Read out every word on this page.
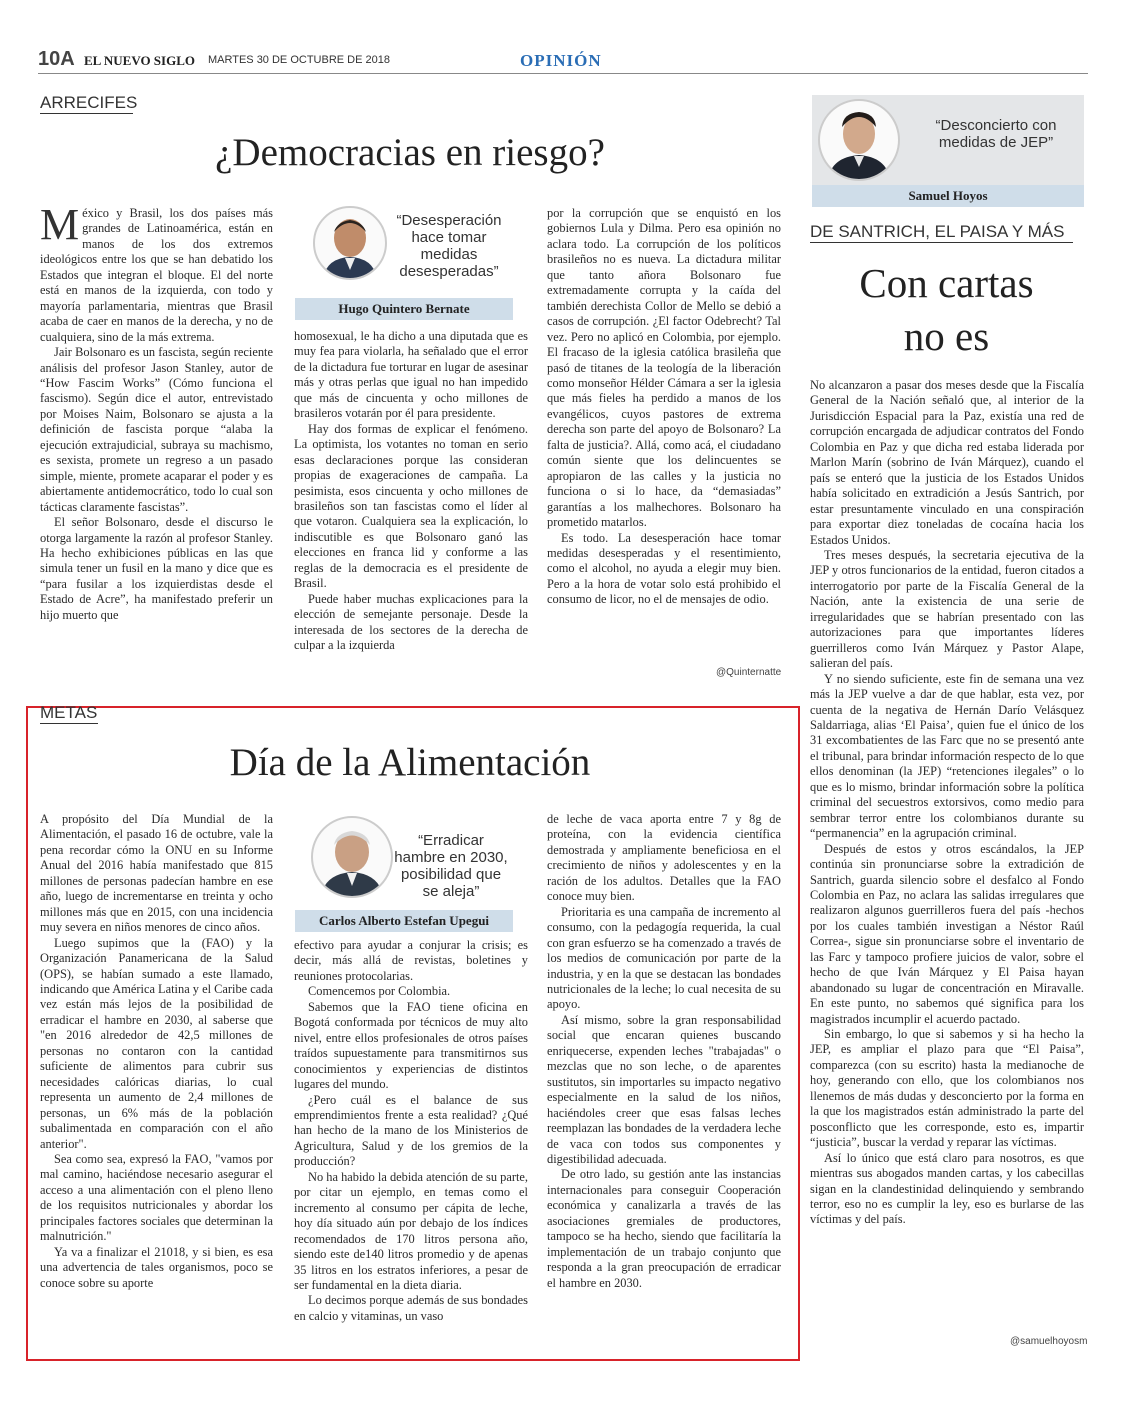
10A EL NUEVO SIGLO MARTES 30 DE OCTUBRE DE 2018	OPINIÓN
ARRECIFES
¿Democracias en riesgo?

México y Brasil, los dos países más grandes de Latinoamérica, están en manos de los dos extremos ideológicos entre los que se han debatido los Estados que integran el bloque. El del norte está en manos de la izquierda, con todo y mayoría parlamentaria, mientras que Brasil acaba de caer en manos de la derecha, y no de cualquiera, sino de la más extrema.

Jair Bolsonaro es un fascista, según reciente análisis del profesor Jason Stanley, autor de “How Fascim Works” (Cómo funciona el fascismo). Según dice el autor, entrevistado por Moises Naim, Bolsonaro se ajusta a la definición de fascista porque “alaba la ejecución extrajudicial, subraya su machismo, es sexista, promete un regreso a un pasado simple, miente, promete acaparar el poder y es abiertamente antidemocrático, todo lo cual son tácticas claramente fascistas”.

El señor Bolsonaro, desde el discurso le otorga largamente la razón al profesor Stanley. Ha hecho exhibiciones públicas en las que simula tener un fusil en la mano y dice que es “para fusilar a los izquierdistas desde el Estado de Acre”, ha manifestado preferir un hijo muerto que

“Desesperación hace tomar medidas desesperadas”
Hugo Quintero Bernate

homosexual, le ha dicho a una diputada que es muy fea para violarla, ha señalado que el error de la dictadura fue torturar en lugar de asesinar más y otras perlas que igual no han impedido que más de cincuenta y ocho millones de brasileros votarán por él para presidente.

Hay dos formas de explicar el fenómeno. La optimista, los votantes no toman en serio esas declaraciones porque las consideran propias de exageraciones de campaña. La pesimista, esos cincuenta y ocho millones de brasileños son tan fascistas como el líder al que votaron. Cualquiera sea la explicación, lo indiscutible es que Bolsonaro ganó las elecciones en franca lid y conforme a las reglas de la democracia es el presidente de Brasil.

Puede haber muchas explicaciones para la elección de semejante personaje. Desde la interesada de los sectores de la derecha de culpar a la izquierda

por la corrupción que se enquistó en los gobiernos Lula y Dilma. Pero esa opinión no aclara todo. La corrupción de los políticos brasileños no es nueva. La dictadura militar que tanto añora Bolsonaro fue extremadamente corrupta y la caída del también derechista Collor de Mello se debió a casos de corrupción. ¿El factor Odebrecht? Tal vez. Pero no aplicó en Colombia, por ejemplo. El fracaso de la iglesia católica brasileña que pasó de titanes de la teología de la liberación como monseñor Hélder Cámara a ser la iglesia que más fieles ha perdido a manos de los evangélicos, cuyos pastores de extrema derecha son parte del apoyo de Bolsonaro? La falta de justicia?. Allá, como acá, el ciudadano común siente que los delincuentes se apropiaron de las calles y la justicia no funciona o si lo hace, da “demasiadas” garantías a los malhechores. Bolsonaro ha prometido matarlos.

Es todo. La desesperación hace tomar medidas desesperadas y el resentimiento, como el alcohol, no ayuda a elegir muy bien. Pero a la hora de votar solo está prohibido el consumo de licor, no el de mensajes de odio.

@Quinternatte
METAS
Día de la Alimentación

A propósito del Día Mundial de la Alimentación, el pasado 16 de octubre, vale la pena recordar cómo la ONU en su Informe Anual del 2016 había manifestado que 815 millones de personas padecían hambre en ese año, luego de incrementarse en treinta y ocho millones más que en 2015, con una incidencia muy severa en niños menores de cinco años.

Luego supimos que la (FAO) y la Organización Panamericana de la Salud (OPS), se habían sumado a este llamado, indicando que América Latina y el Caribe cada vez están más lejos de la posibilidad de erradicar el hambre en 2030, al saberse que "en 2016 alrededor de 42,5 millones de personas no contaron con la cantidad suficiente de alimentos para cubrir sus necesidades calóricas diarias, lo cual representa un aumento de 2,4 millones de personas, un 6% más de la población subalimentada en comparación con el año anterior".

Sea como sea, expresó la FAO, "vamos por mal camino, haciéndose necesario asegurar el acceso a una alimentación con el pleno lleno de los requisitos nutricionales y abordar los principales factores sociales que determinan la malnutrición."

Ya va a finalizar el 21018, y si bien, es esa una advertencia de tales organismos, poco se conoce sobre su aporte

“Erradicar hambre en 2030, posibilidad que se aleja”
Carlos Alberto Estefan Upegui

efectivo para ayudar a conjurar la crisis; es decir, más allá de revistas, boletines y reuniones protocolarias.

Comencemos por Colombia.

Sabemos que la FAO tiene oficina en Bogotá conformada por técnicos de muy alto nivel, entre ellos profesionales de otros países traídos supuestamente para transmitirnos sus conocimientos y experiencias de distintos lugares del mundo.

¿Pero cuál es el balance de sus emprendimientos frente a esta realidad? ¿Qué han hecho de la mano de los Ministerios de Agricultura, Salud y de los gremios de la producción?

No ha habido la debida atención de su parte, por citar un ejemplo, en temas como el incremento al consumo per cápita de leche, hoy día situado aún por debajo de los índices recomendados de 170 litros persona año, siendo este de140 litros promedio y de apenas 35 litros en los estratos inferiores, a pesar de ser fundamental en la dieta diaria.

Lo decimos porque además de sus bondades en calcio y vitaminas, un vaso

de leche de vaca aporta entre 7 y 8g de proteína, con la evidencia científica demostrada y ampliamente beneficiosa en el crecimiento de niños y adolescentes y en la ración de los adultos. Detalles que la FAO conoce muy bien.

Prioritaria es una campaña de incremento al consumo, con la pedagogía requerida, la cual con gran esfuerzo se ha comenzado a través de los medios de comunicación por parte de la industria, y en la que se destacan las bondades nutricionales de la leche; lo cual necesita de su apoyo.

Así mismo, sobre la gran responsabilidad social que encaran quienes buscando enriquecerse, expenden leches "trabajadas" o mezclas que no son leche, o de aparentes sustitutos, sin importarles su impacto negativo especialmente en la salud de los niños, haciéndoles creer que esas falsas leches reemplazan las bondades de la verdadera leche de vaca con todos sus componentes y digestibilidad adecuada.

De otro lado, su gestión ante las instancias internacionales para conseguir Cooperación económica y canalizarla a través de las asociaciones gremiales de productores, tampoco se ha hecho, siendo que facilitaría la implementación de un trabajo conjunto que responda a la gran preocupación de erradicar el hambre en 2030.

“Desconcierto con medidas de JEP”
Samuel Hoyos
DE SANTRICH, EL PAISA Y MÁS
Con cartas
no es

No alcanzaron a pasar dos meses desde que la Fiscalía General de la Nación señaló que, al interior de la Jurisdicción Espacial para la Paz, existía una red de corrupción encargada de adjudicar contratos del Fondo Colombia en Paz y que dicha red estaba liderada por Marlon Marín (sobrino de Iván Márquez), cuando el país se enteró que la justicia de los Estados Unidos había solicitado en extradición a Jesús Santrich, por estar presuntamente vinculado en una conspiración para exportar diez toneladas de cocaína hacia los Estados Unidos.

Tres meses después, la secretaria ejecutiva de la JEP y otros funcionarios de la entidad, fueron citados a interrogatorio por parte de la Fiscalía General de la Nación, ante la existencia de una serie de irregularidades que se habrían presentado con las autorizaciones para que importantes líderes guerrilleros como Iván Márquez y Pastor Alape, salieran del país.

Y no siendo suficiente, este fin de semana una vez más la JEP vuelve a dar de que hablar, esta vez, por cuenta de la negativa de Hernán Darío Velásquez Saldarriaga, alias ‘El Paisa’, quien fue el único de los 31 excombatientes de las Farc que no se presentó ante el tribunal, para brindar información respecto de lo que ellos denominan (la JEP) “retenciones ilegales” o lo que es lo mismo, brindar información sobre la política criminal del secuestros extorsivos, como medio para sembrar terror entre los colombianos durante su “permanencia” en la agrupación criminal.

Después de estos y otros escándalos, la JEP continúa sin pronunciarse sobre la extradición de Santrich, guarda silencio sobre el desfalco al Fondo Colombia en Paz, no aclara las salidas irregulares que realizaron algunos guerrilleros fuera del país -hechos por los cuales también investigan a Néstor Raúl Correa-, sigue sin pronunciarse sobre el inventario de las Farc y tampoco profiere juicios de valor, sobre el hecho de que Iván Márquez y El Paisa hayan abandonado su lugar de concentración en Miravalle. En este punto, no sabemos qué significa para los magistrados incumplir el acuerdo pactado.

Sin embargo, lo que si sabemos y si ha hecho la JEP, es ampliar el plazo para que “El Paisa”, comparezca (con su escrito) hasta la medianoche de hoy, generando con ello, que los colombianos nos llenemos de más dudas y desconcierto por la forma en la que los magistrados están administrado la parte del posconflicto que les corresponde, esto es, impartir “justicia”, buscar la verdad y reparar las víctimas.

Así lo único que está claro para nosotros, es que mientras sus abogados manden cartas, y los cabecillas sigan en la clandestinidad delinquiendo y sembrando terror, eso no es cumplir la ley, eso es burlarse de las víctimas y del país.

@samuelhoyosm
